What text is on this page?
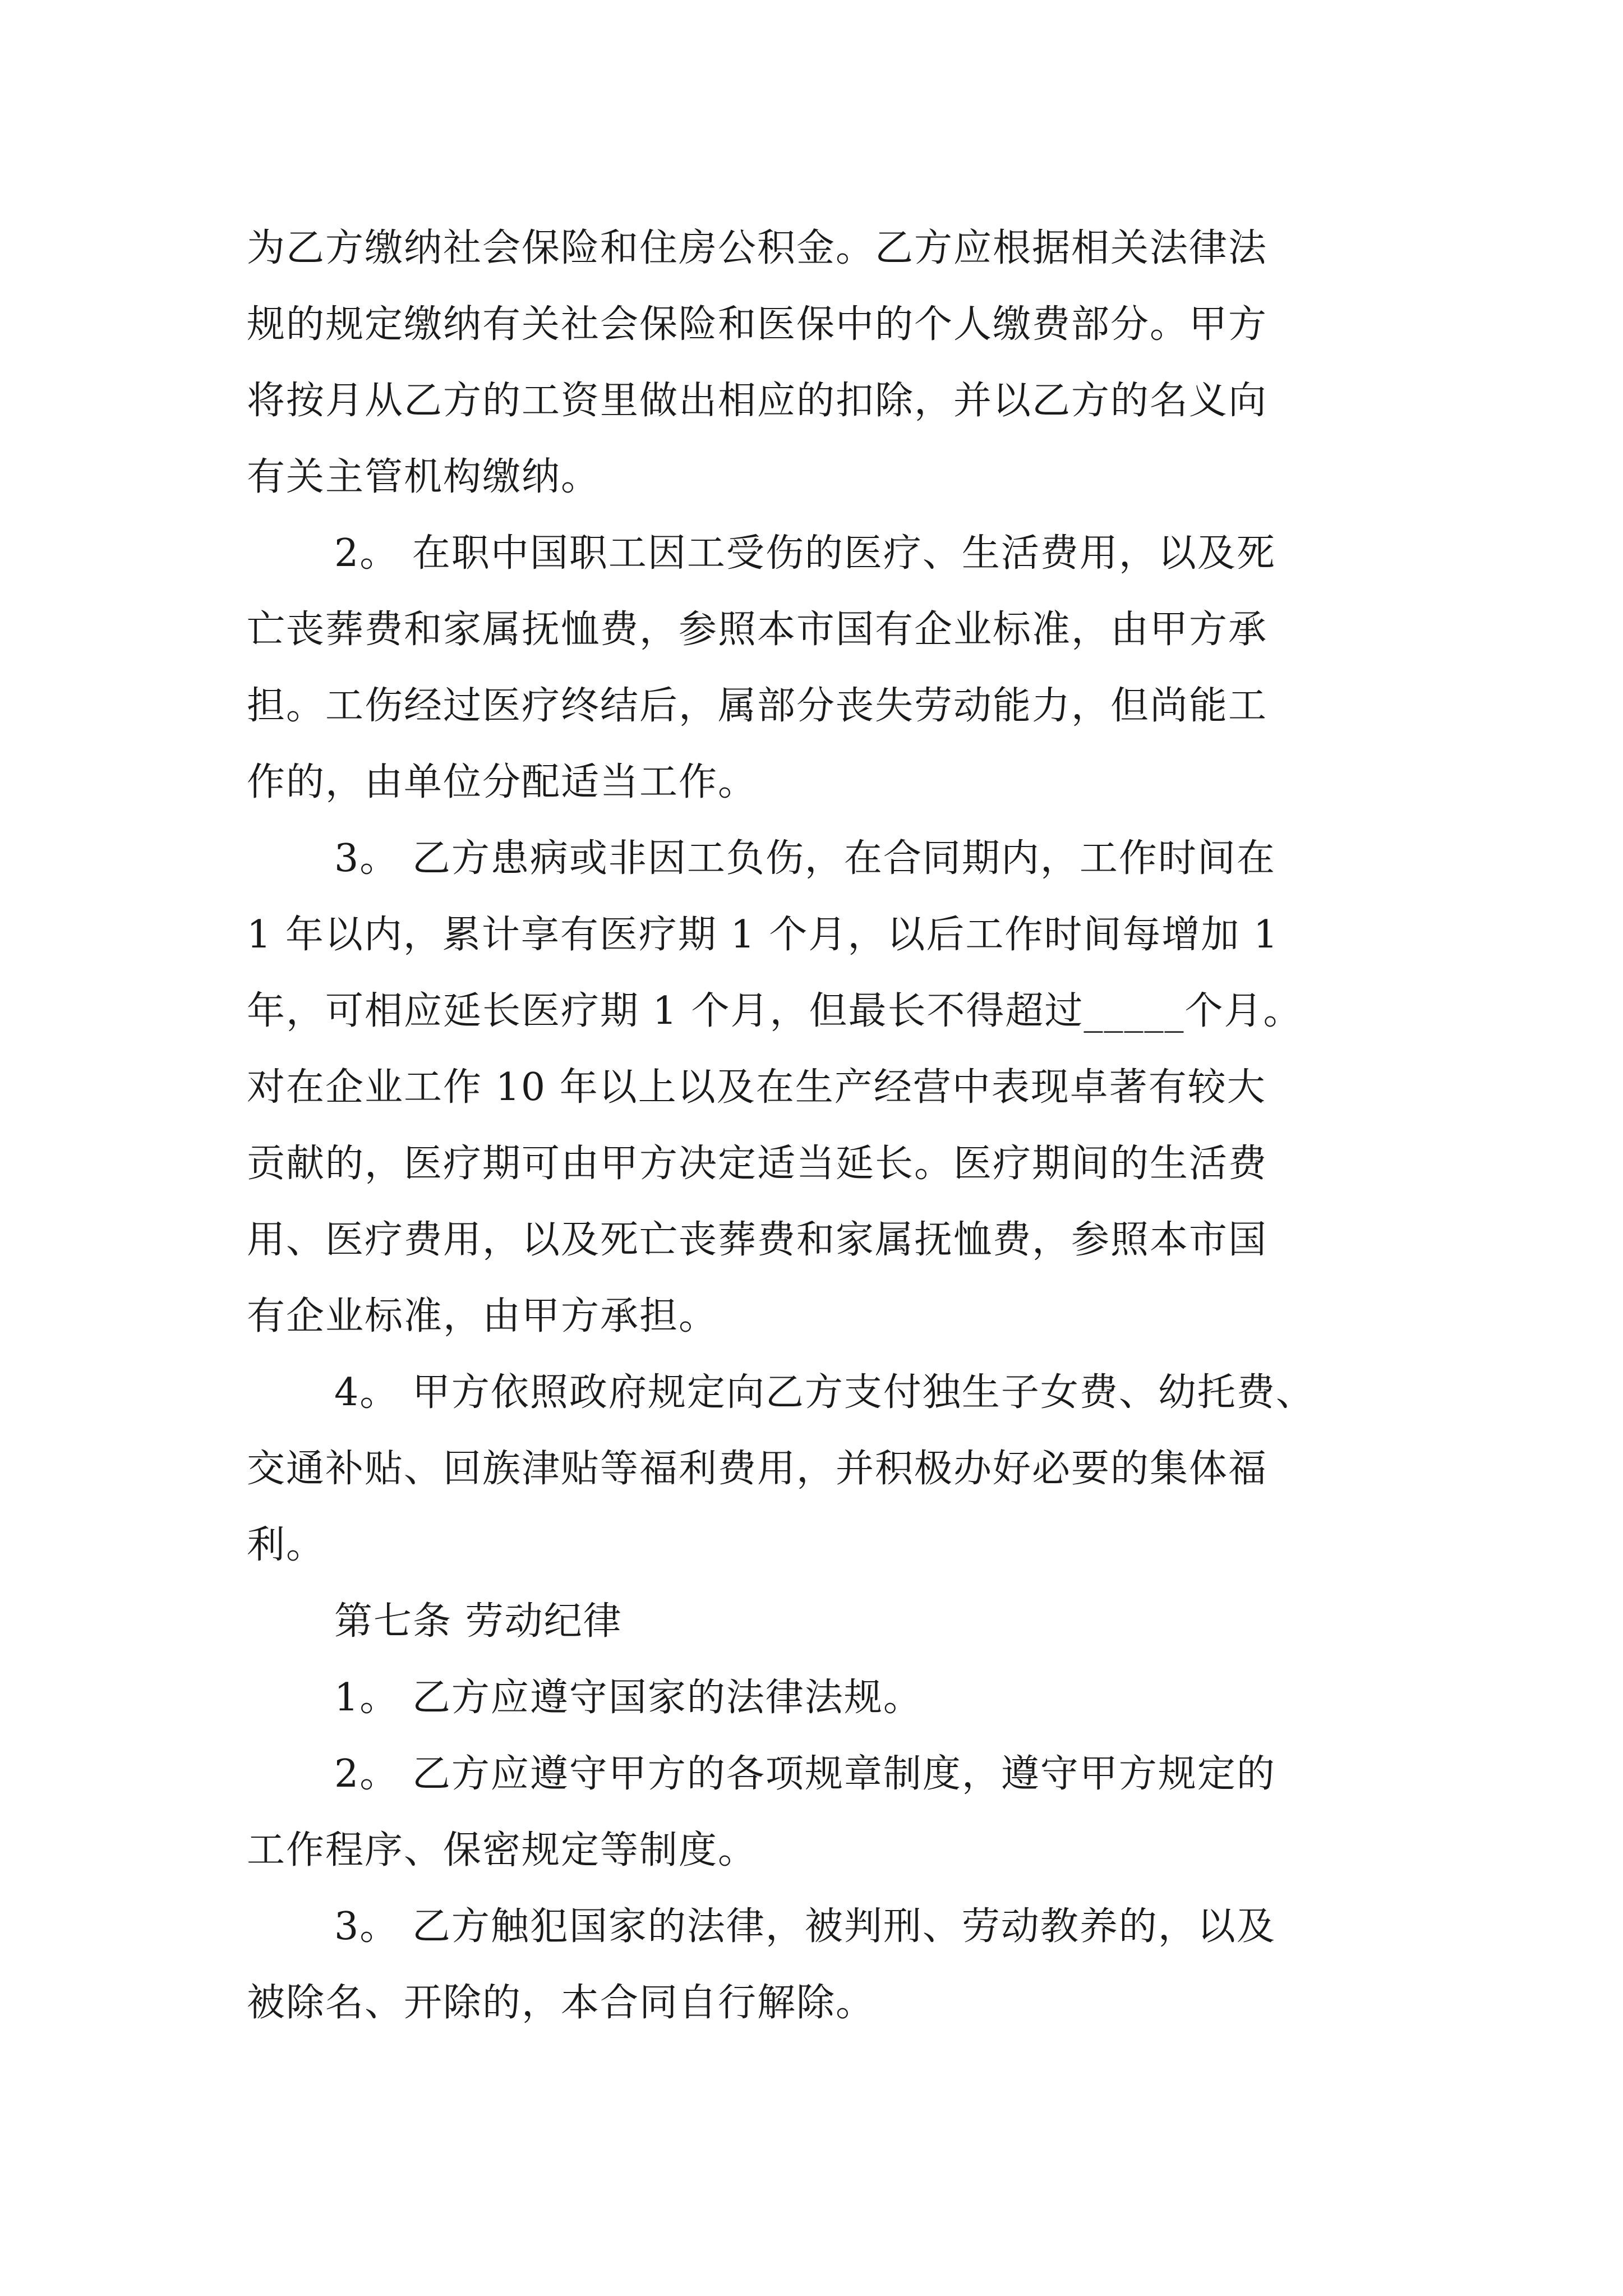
为乙方缴纳社会保险和住房公积金。乙方应根据相关法律法

规的规定缴纳有关社会保险和医保中的个人缴费部分。甲方

将按月从乙方的工资里做出相应的扣除，并以乙方的名义向

有关主管机构缴纳。

2。 在职中国职工因工受伤的医疗、生活费用，以及死

亡丧葬费和家属抚恤费，参照本市国有企业标准，由甲方承

担。工伤经过医疗终结后，属部分丧失劳动能力，但尚能工

作的，由单位分配适当工作。

3。 乙方患病或非因工负伤，在合同期内，工作时间在

1 年以内，累计享有医疗期 1 个月，以后工作时间每增加 1

年，可相应延长医疗期 1 个月，但最长不得超过_____个月。

对在企业工作 10 年以上以及在生产经营中表现卓著有较大

贡献的，医疗期可由甲方决定适当延长。医疗期间的生活费

用、医疗费用，以及死亡丧葬费和家属抚恤费，参照本市国

有企业标准，由甲方承担。

4。 甲方依照政府规定向乙方支付独生子女费、幼托费、

交通补贴、回族津贴等福利费用，并积极办好必要的集体福

利。

第七条 劳动纪律

1。 乙方应遵守国家的法律法规。

2。 乙方应遵守甲方的各项规章制度，遵守甲方规定的

工作程序、保密规定等制度。

3。 乙方触犯国家的法律，被判刑、劳动教养的，以及

被除名、开除的，本合同自行解除。
